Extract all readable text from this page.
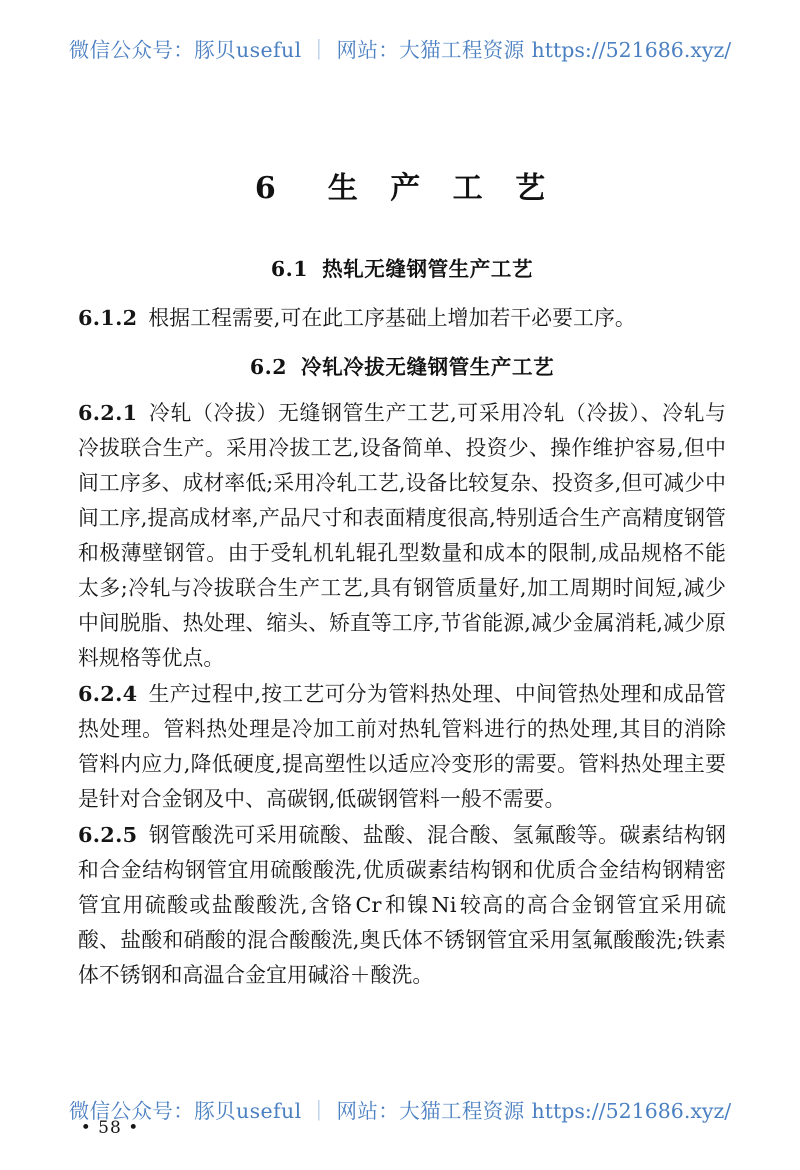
微信公众号：豚贝useful ｜ 网站：大猫工程资源 https://521686.xyz/
6　生 产 工 艺
6.1 热轧无缝钢管生产工艺
6.1.2 根据工程需要,可在此工序基础上增加若干必要工序。
6.2 冷轧冷拔无缝钢管生产工艺
6.2.1 冷轧（冷拔）无缝钢管生产工艺,可采用冷轧（冷拔）、冷轧与冷拔联合生产。采用冷拔工艺,设备简单、投资少、操作维护容易,但中间工序多、成材率低;采用冷轧工艺,设备比较复杂、投资多,但可减少中间工序,提高成材率,产品尺寸和表面精度很高,特别适合生产高精度钢管和极薄壁钢管。由于受轧机轧辊孔型数量和成本的限制,成品规格不能太多;冷轧与冷拔联合生产工艺,具有钢管质量好,加工周期时间短,减少中间脱脂、热处理、缩头、矫直等工序,节省能源,减少金属消耗,减少原料规格等优点。
6.2.4 生产过程中,按工艺可分为管料热处理、中间管热处理和成品管热处理。管料热处理是冷加工前对热轧管料进行的热处理,其目的消除管料内应力,降低硬度,提高塑性以适应冷变形的需要。管料热处理主要是针对合金钢及中、高碳钢,低碳钢管料一般不需要。
6.2.5 钢管酸洗可采用硫酸、盐酸、混合酸、氢氟酸等。碳素结构钢和合金结构钢管宜用硫酸酸洗,优质碳素结构钢和优质合金结构钢精密管宜用硫酸或盐酸酸洗,含铬Cr和镍Ni较高的高合金钢管宜采用硫酸、盐酸和硝酸的混合酸酸洗,奥氏体不锈钢管宜采用氢氟酸酸洗;铁素体不锈钢和高温合金宜用碱浴＋酸洗。
微信公众号：豚贝useful ｜ 网站：大猫工程资源 https://521686.xyz/
• 58 •
